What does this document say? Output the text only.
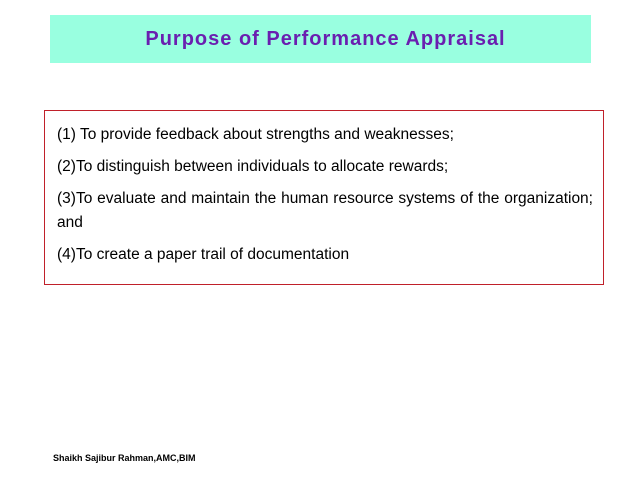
Purpose of Performance Appraisal
(1) To provide feedback about strengths and weaknesses;
(2)To distinguish between individuals to allocate rewards;
(3)To evaluate and maintain the human resource systems of the organization; and
(4)To create a paper trail of documentation
Shaikh Sajibur Rahman,AMC,BIM
